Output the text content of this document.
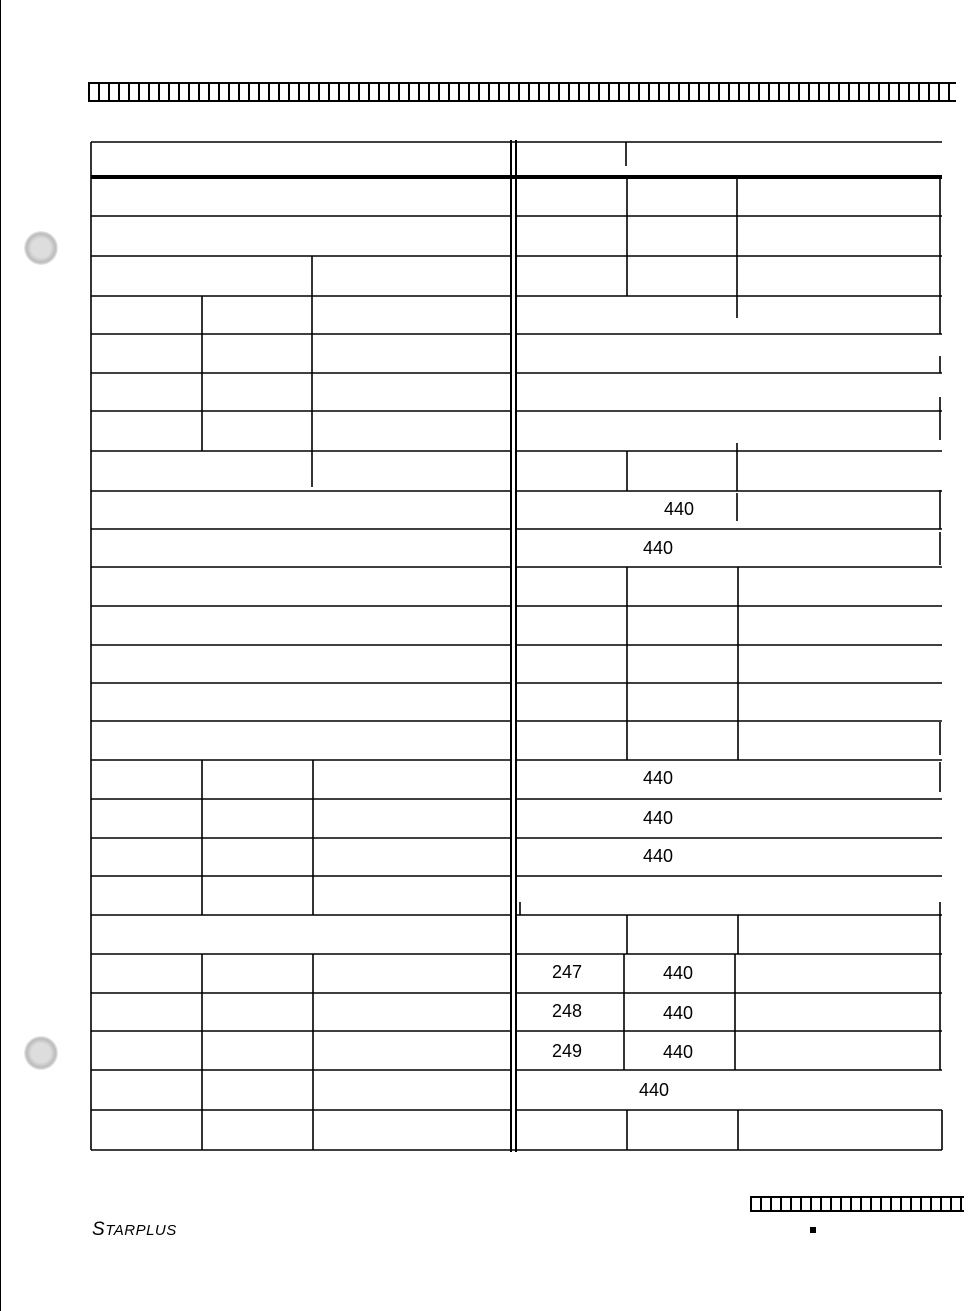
440
440
440
440
440
247	440
248	440
249	440
440
STARPLUS
